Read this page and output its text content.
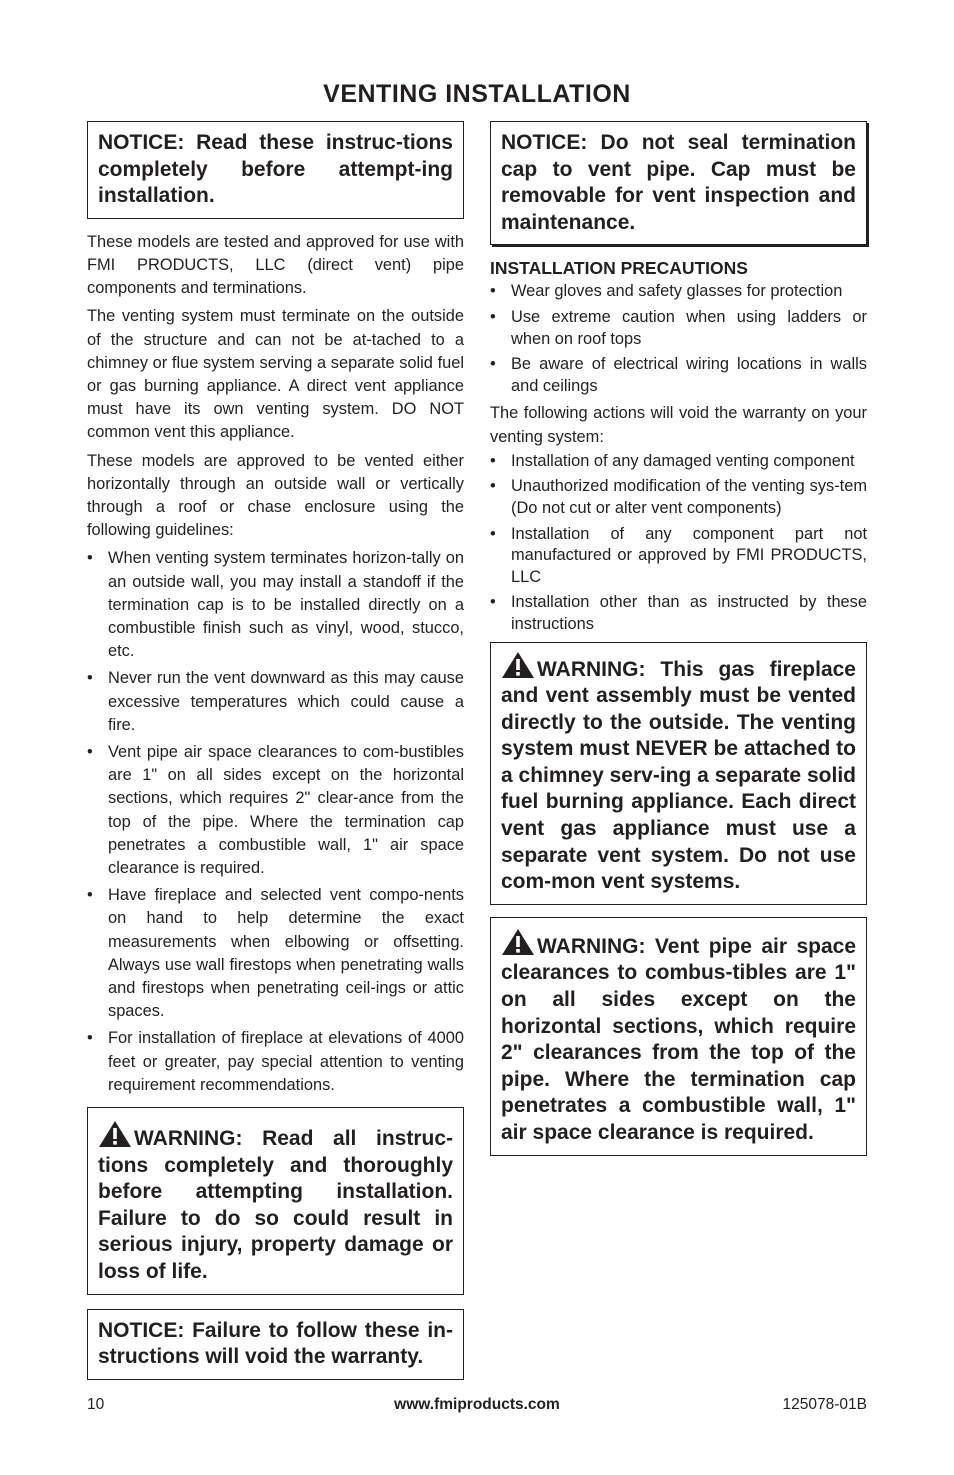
VENTING INSTALLATION
NOTICE: Read these instruc-tions completely before attempt-ing installation.

These models are tested and approved for use with FMI PRODUCTS, LLC (direct vent) pipe components and terminations.

The venting system must terminate on the outside of the structure and can not be at-tached to a chimney or flue system serving a separate solid fuel or gas burning appliance. A direct vent appliance must have its own venting system. DO NOT common vent this appliance.

These models are approved to be vented either horizontally through an outside wall or vertically through a roof or chase enclosure using the following guidelines:

• When venting system terminates horizon-tally on an outside wall, you may install a standoff if the termination cap is to be installed directly on a combustible finish such as vinyl, wood, stucco, etc.
• Never run the vent downward as this may cause excessive temperatures which could cause a fire.
• Vent pipe air space clearances to com-bustibles are 1" on all sides except on the horizontal sections, which requires 2" clear-ance from the top of the pipe. Where the termination cap penetrates a combustible wall, 1" air space clearance is required.
• Have fireplace and selected vent compo-nents on hand to help determine the exact measurements when elbowing or offsetting. Always use wall firestops when penetrating walls and firestops when penetrating ceil-ings or attic spaces.
• For installation of fireplace at elevations of 4000 feet or greater, pay special attention to venting requirement recommendations.
WARNING: Read all instruc-tions completely and thoroughly before attempting installation. Failure to do so could result in serious injury, property damage or loss of life.
NOTICE: Failure to follow these in-structions will void the warranty.
NOTICE: Do not seal termination cap to vent pipe. Cap must be removable for vent inspection and maintenance.
INSTALLATION PRECAUTIONS
• Wear gloves and safety glasses for protection
• Use extreme caution when using ladders or when on roof tops
• Be aware of electrical wiring locations in walls and ceilings

The following actions will void the warranty on your venting system:

• Installation of any damaged venting component
• Unauthorized modification of the venting sys-tem (Do not cut or alter vent components)
• Installation of any component part not manufactured or approved by FMI PRODUCTS, LLC
• Installation other than as instructed by these instructions
WARNING: This gas fireplace and vent assembly must be vented directly to the outside. The venting system must NEVER be attached to a chimney serv-ing a separate solid fuel burning appliance. Each direct vent gas appliance must use a separate vent system. Do not use com-mon vent systems.
WARNING: Vent pipe air space clearances to combus-tibles are 1" on all sides except on the horizontal sections, which require 2" clearances from the top of the pipe. Where the termination cap penetrates a combustible wall, 1" air space clearance is required.
10	www.fmiproducts.com	125078-01B
